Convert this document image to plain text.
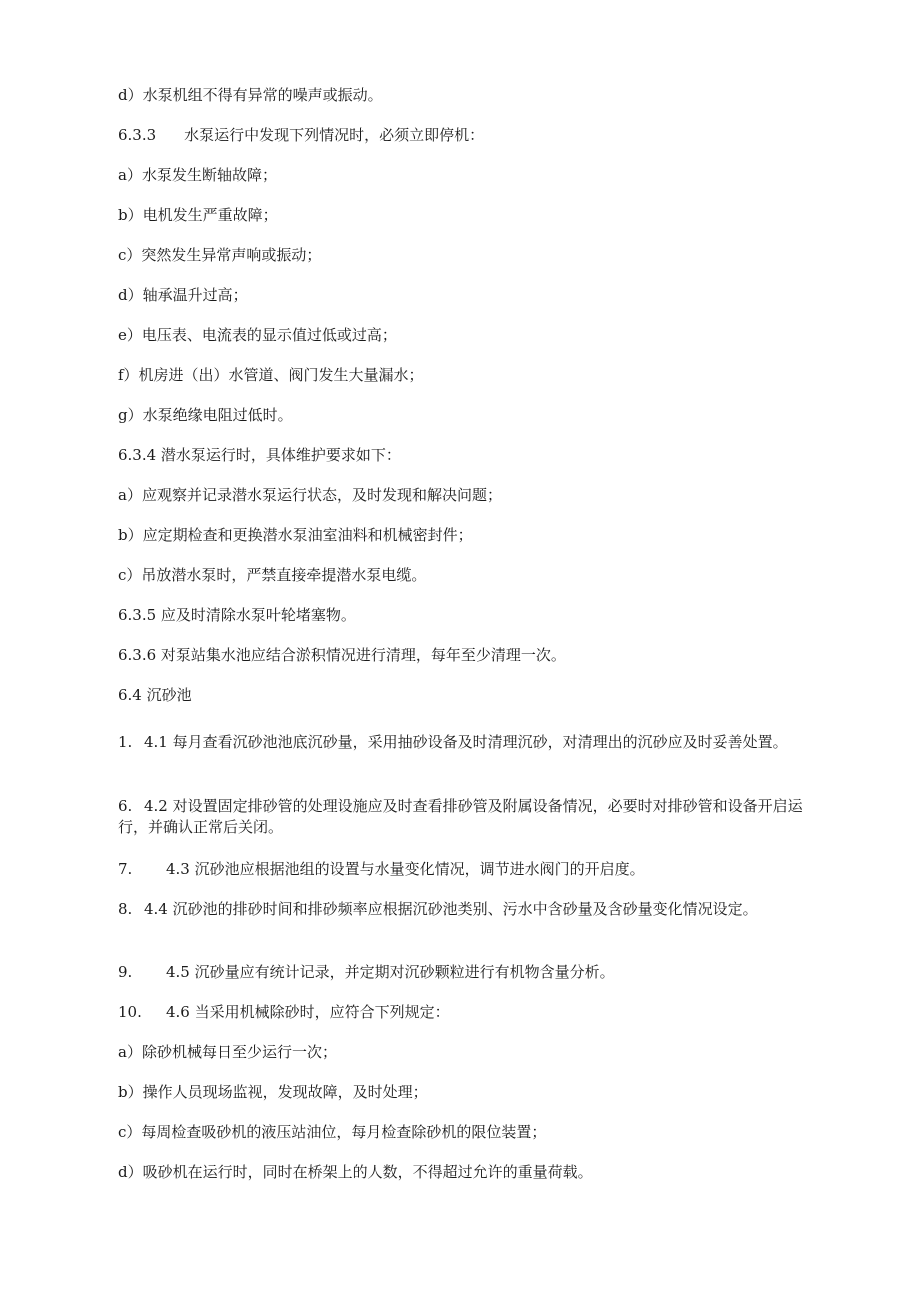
d）水泵机组不得有异常的噪声或振动。
6.3.3 水泵运行中发现下列情况时，必须立即停机：
a）水泵发生断轴故障；
b）电机发生严重故障；
c）突然发生异常声响或振动；
d）轴承温升过高；
e）电压表、电流表的显示值过低或过高；
f）机房进（出）水管道、阀门发生大量漏水；
g）水泵绝缘电阻过低时。
6.3.4 潜水泵运行时，具体维护要求如下：
a）应观察并记录潜水泵运行状态，及时发现和解决问题；
b）应定期检查和更换潜水泵油室油料和机械密封件；
c）吊放潜水泵时，严禁直接牵提潜水泵电缆。
6.3.5 应及时清除水泵叶轮堵塞物。
6.3.6 对泵站集水池应结合淤积情况进行清理，每年至少清理一次。
6.4 沉砂池
1. 4.1 每月查看沉砂池池底沉砂量，采用抽砂设备及时清理沉砂，对清理出的沉砂应及时妥善处置。
6. 4.2 对设置固定排砂管的处理设施应及时查看排砂管及附属设备情况，必要时对排砂管和设备开启运行，并确认正常后关闭。
7. 4.3 沉砂池应根据池组的设置与水量变化情况，调节进水阀门的开启度。
8. 4.4 沉砂池的排砂时间和排砂频率应根据沉砂池类别、污水中含砂量及含砂量变化情况设定。
9. 4.5 沉砂量应有统计记录，并定期对沉砂颗粒进行有机物含量分析。
10. 4.6 当采用机械除砂时，应符合下列规定：
a）除砂机械每日至少运行一次；
b）操作人员现场监视，发现故障，及时处理；
c）每周检查吸砂机的液压站油位，每月检查除砂机的限位装置；
d）吸砂机在运行时，同时在桥架上的人数，不得超过允许的重量荷载。
